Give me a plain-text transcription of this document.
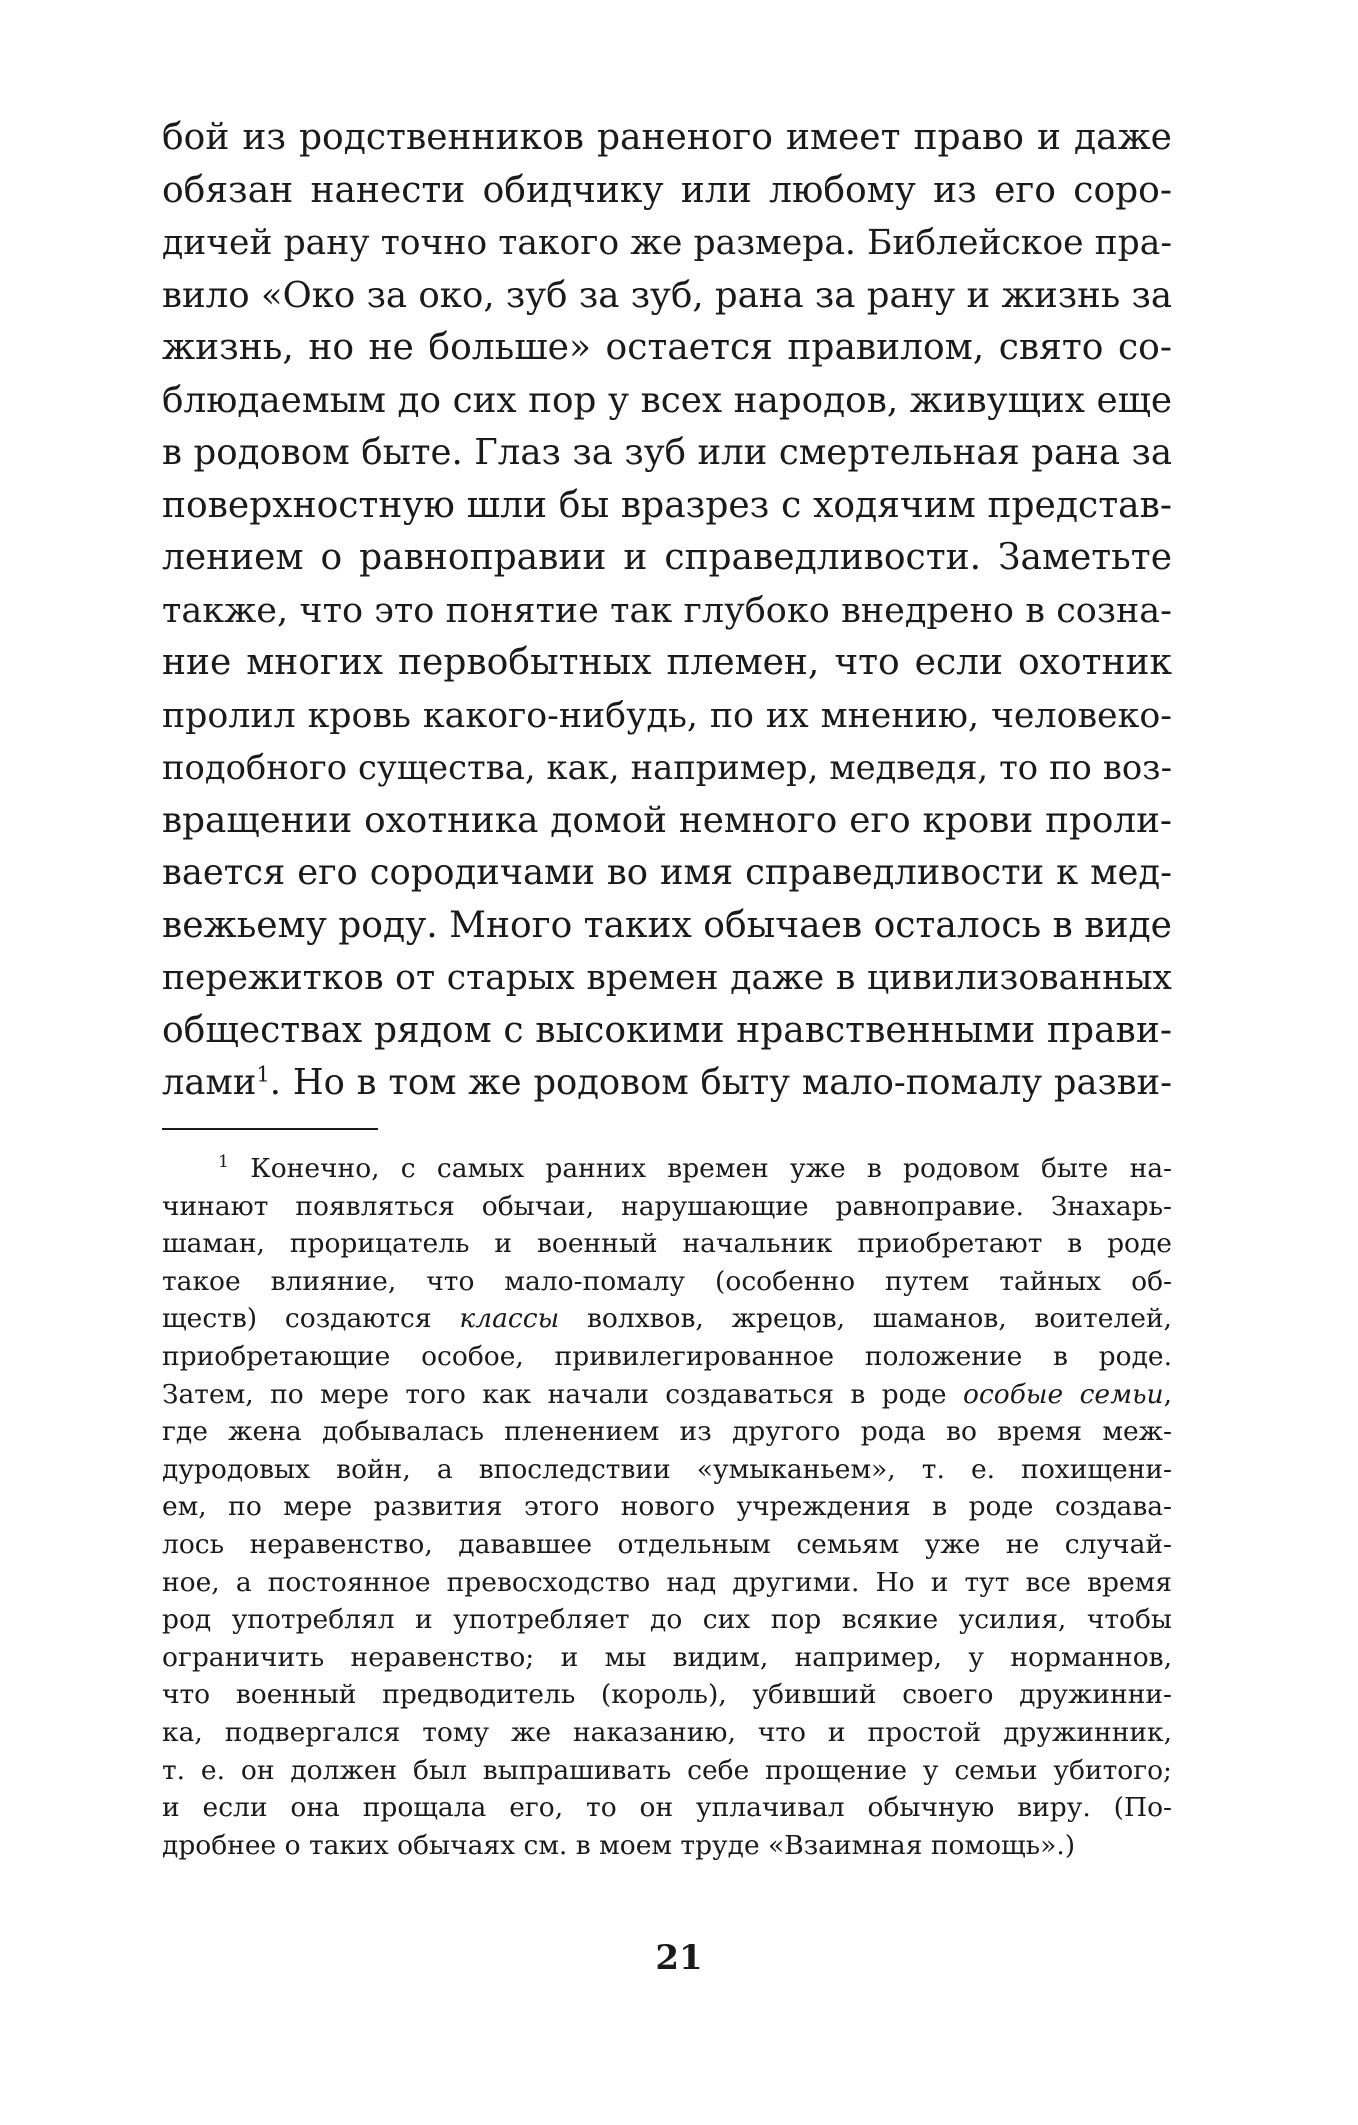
бой из родственников раненого имеет право и даже
обязан нанести обидчику или любому из его соро-
дичей рану точно такого же размера. Библейское пра-
вило «Око за око, зуб за зуб, рана за рану и жизнь за
жизнь, но не больше» остается правилом, свято со-
блюдаемым до сих пор у всех народов, живущих еще
в родовом быте. Глаз за зуб или смертельная рана за
поверхностную шли бы вразрез с ходячим представ-
лением о равноправии и справедливости. Заметьте
также, что это понятие так глубоко внедрено в созна-
ние многих первобытных племен, что если охотник
пролил кровь какого-нибудь, по их мнению, человеко-
подобного существа, как, например, медведя, то по воз-
вращении охотника домой немного его крови проли-
вается его сородичами во имя справедливости к мед-
вежьему роду. Много таких обычаев осталось в виде
пережитков от старых времен даже в цивилизованных
обществах рядом с высокими нравственными прави-
лами$^1$. Но в том же родовом быту мало-помалу разви-
$^1$ Конечно, с самых ранних времен уже в родовом быте на-
чинают появляться обычаи, нарушающие равноправие. Знахарь-
шаман, прорицатель и военный начальник приобретают в роде
такое влияние, что мало-помалу (особенно путем тайных об-
ществ) создаются классы волхвов, жрецов, шаманов, воителей,
приобретающие особое, привилегированное положение в роде.
Затем, по мере того как начали создаваться в роде особые семьи,
где жена добывалась пленением из другого рода во время меж-
дуродовых войн, а впоследствии «умыканьем», т. е. похищени-
ем, по мере развития этого нового учреждения в роде создава-
лось неравенство, дававшее отдельным семьям уже не случай-
ное, а постоянное превосходство над другими. Но и тут все время
род употреблял и употребляет до сих пор всякие усилия, чтобы
ограничить неравенство; и мы видим, например, у норманнов,
что военный предводитель (король), убивший своего дружинни-
ка, подвергался тому же наказанию, что и простой дружинник,
т. е. он должен был выпрашивать себе прощение у семьи убитого;
и если она прощала его, то он уплачивал обычную виру. (По-
дробнее о таких обычаях см. в моем труде «Взаимная помощь».)
21
